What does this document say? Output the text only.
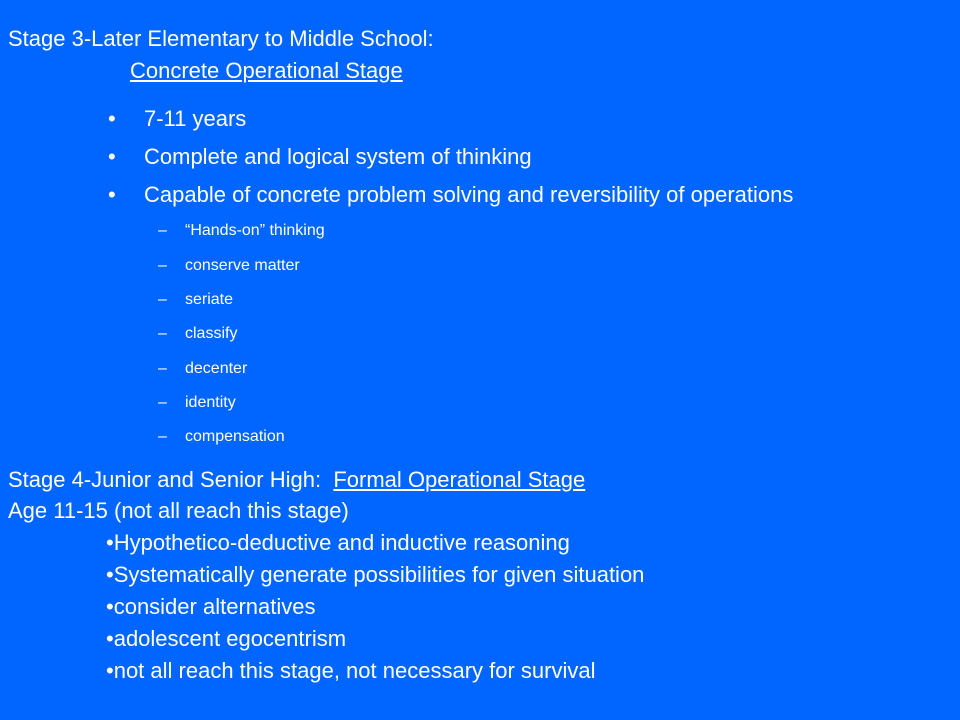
Stage 3-Later Elementary to Middle School:
Concrete Operational Stage
• 7-11 years
• Complete and logical system of thinking
• Capable of concrete problem solving and reversibility of operations
– “Hands-on” thinking
– conserve matter
– seriate
– classify
– decenter
– identity
– compensation
Stage 4-Junior and Senior High: Formal Operational Stage
Age 11-15 (not all reach this stage)
•Hypothetico-deductive and inductive reasoning
•Systematically generate possibilities for given situation
•consider alternatives
•adolescent egocentrism
•not all reach this stage, not necessary for survival
